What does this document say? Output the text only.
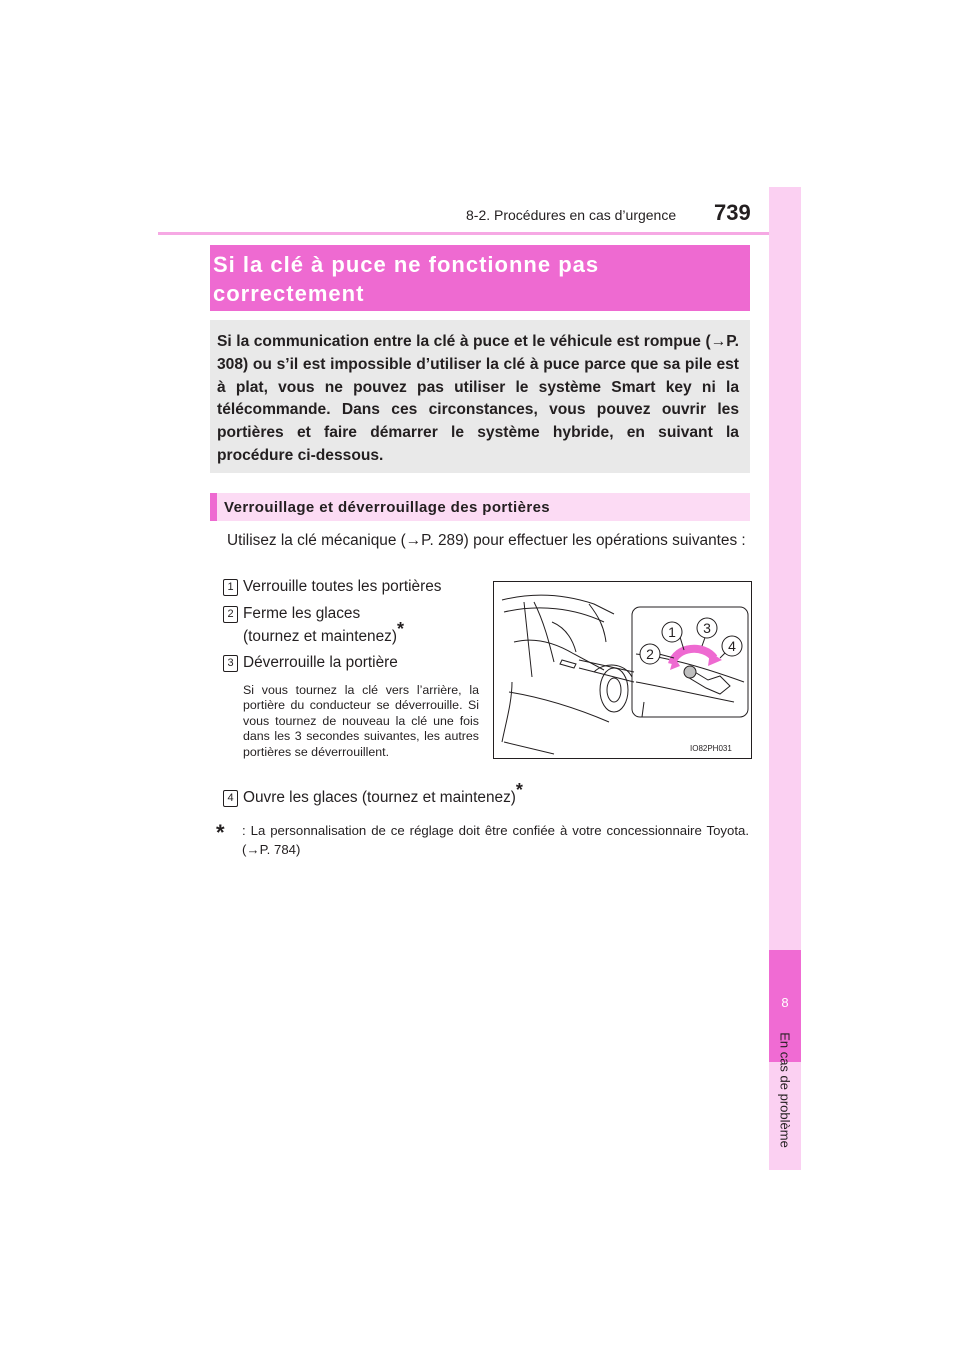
8-2. Procédures en cas d’urgence 739
8
En cas de problème
Si la clé à puce ne fonctionne pas correctement
Si la communication entre la clé à puce et le véhicule est rompue (→P. 308) ou s’il est impossible d’utiliser la clé à puce parce que sa pile est à plat, vous ne pouvez pas utiliser le système Smart key ni la télécommande. Dans ces circonstances, vous pouvez ouvrir les portières et faire démarrer le système hybride, en suivant la procédure ci-dessous.
Verrouillage et déverrouillage des portières
Utilisez la clé mécanique (→P. 289) pour effectuer les opérations suivantes :
1 Verrouille toutes les portières
2 Ferme les glaces
(tournez et maintenez)*
3 Déverrouille la portière
Si vous tournez la clé vers l’arrière, la portière du conducteur se déverrouille. Si vous tournez de nouveau la clé une fois dans les 3 secondes suivantes, les autres portières se déverrouillent.
4 Ouvre les glaces (tournez et maintenez)*
* : La personnalisation de ce réglage doit être confiée à votre concessionnaire Toyota. (→P. 784)
1
2
3
4
IO82PH031
